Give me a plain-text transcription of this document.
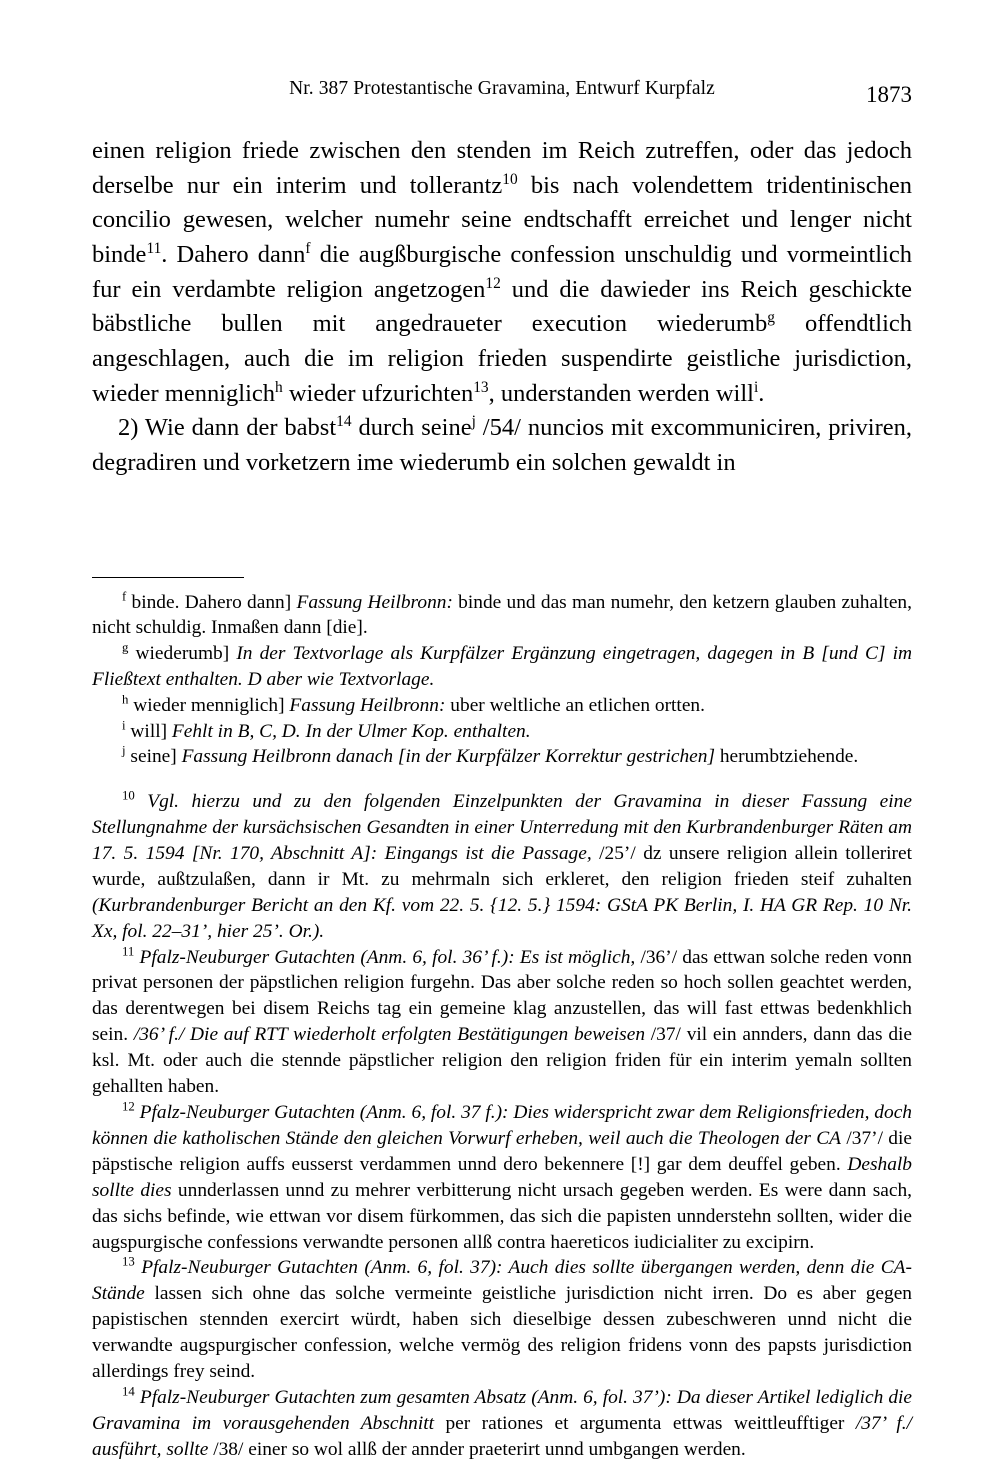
Nr. 387 Protestantische Gravamina, Entwurf Kurpfalz	1873

einen religion friede zwischen den stenden im Reich zutreffen, oder das jedoch derselbe nur ein interim und tollerantz$^{10}$ bis nach volendettem tridentinischen concilio gewesen, welcher numehr seine endtschafft erreichet und lenger nicht binde$^{11}$. Dahero dann$^f$ die augßburgische confession unschuldig und vormeintlich fur ein verdambte religion angetzogen$^{12}$ und die dawieder ins Reich geschickte bäbstliche bullen mit angedraueter execution wiederumb$^g$ offendtlich angeschlagen, auch die im religion frieden suspendirte geistliche jurisdiction, wieder menniglich$^h$ wieder ufzurichten$^{13}$, understanden werden will$^i$.

2) Wie dann der babst$^{14}$ durch seine$^j$ /54/ nuncios mit excommuniciren, priviren, degradiren und vorketzern ime wiederumb ein solchen gewaldt in

$^f$ binde. Dahero dann] Fassung Heilbronn: binde und das man numehr, den ketzern glauben zuhalten, nicht schuldig. Inmaßen dann [die].

$^g$ wiederumb] In der Textvorlage als Kurpfälzer Ergänzung eingetragen, dagegen in B [und C] im Fließtext enthalten. D aber wie Textvorlage.

$^h$ wieder menniglich] Fassung Heilbronn: uber weltliche an etlichen ortten.

$^i$ will] Fehlt in B, C, D. In der Ulmer Kop. enthalten.

$^j$ seine] Fassung Heilbronn danach [in der Kurpfälzer Korrektur gestrichen] herumbtziehende.

$^{10}$ Vgl. hierzu und zu den folgenden Einzelpunkten der Gravamina in dieser Fassung eine Stellungnahme der kursächsischen Gesandten in einer Unterredung mit den Kurbrandenburger Räten am 17. 5. 1594 [Nr. 170, Abschnitt A]: Eingangs ist die Passage, /25’/ dz unsere religion allein tolleriret wurde, außtzulaßen, dann ir Mt. zu mehrmaln sich erkleret, den religion frieden steif zuhalten (Kurbrandenburger Bericht an den Kf. vom 22. 5. {12. 5.} 1594: GStA PK Berlin, I. HA GR Rep. 10 Nr. Xx, fol. 22–31’, hier 25’. Or.).

$^{11}$ Pfalz-Neuburger Gutachten (Anm. 6, fol. 36’ f.): Es ist möglich, /36’/ das ettwan solche reden vonn privat personen der päpstlichen religion furgehn. Das aber solche reden so hoch sollen geachtet werden, das derentwegen bei disem Reichs tag ein gemeine klag anzustellen, das will fast ettwas bedenkhlich sein. /36’ f./ Die auf RTT wiederholt erfolgten Bestätigungen beweisen /37/ vil ein annders, dann das die ksl. Mt. oder auch die stennde päpstlicher religion den religion friden für ein interim yemaln sollten gehallten haben.

$^{12}$ Pfalz-Neuburger Gutachten (Anm. 6, fol. 37 f.): Dies widerspricht zwar dem Religionsfrieden, doch können die katholischen Stände den gleichen Vorwurf erheben, weil auch die Theologen der CA /37’/ die päpstische religion auffs eusserst verdammen unnd dero bekennere [!] gar dem deuffel geben. Deshalb sollte dies unnderlassen unnd zu mehrer verbitterung nicht ursach gegeben werden. Es were dann sach, das sichs befinde, wie ettwan vor disem fürkommen, das sich die papisten unnderstehn sollten, wider die augspurgische confessions verwandte personen allß contra haereticos iudicialiter zu excipirn.

$^{13}$ Pfalz-Neuburger Gutachten (Anm. 6, fol. 37): Auch dies sollte übergangen werden, denn die CA-Stände lassen sich ohne das solche vermeinte geistliche jurisdiction nicht irren. Do es aber gegen papistischen stennden exercirt würdt, haben sich dieselbige dessen zubeschweren unnd nicht die verwandte augspurgischer confession, welche vermög des religion fridens vonn des papsts jurisdiction allerdings frey seind.

$^{14}$ Pfalz-Neuburger Gutachten zum gesamten Absatz (Anm. 6, fol. 37’): Da dieser Artikel lediglich die Gravamina im vorausgehenden Abschnitt per rationes et argumenta ettwas weittleufftiger /37’ f./ ausführt, sollte /38/ einer so wol allß der annder praeterirt unnd umbgangen werden.
